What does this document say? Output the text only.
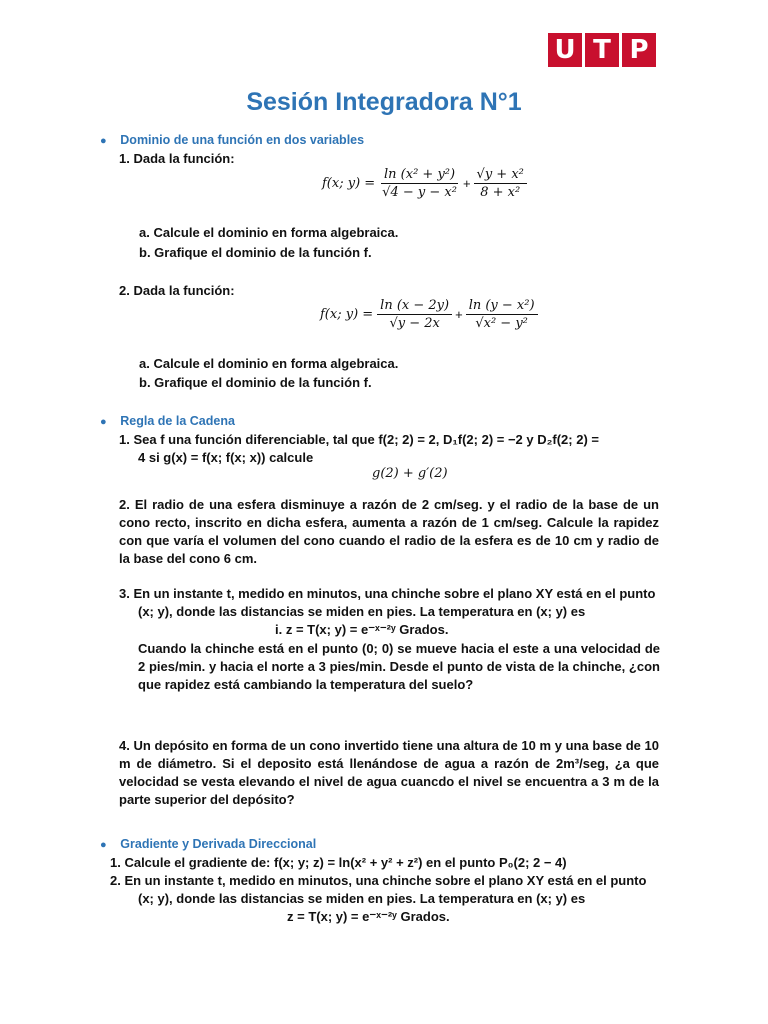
U T P
Sesión Integradora N°1
● Dominio de una función en dos variables
1. Dada la función:
f(x; $y) = \frac{\text{ln (x² + y²)}}{\text{√4 − y − x²}} + \frac{\text{√y + x²}}{\text{8 + x²}}$
a. Calcule el dominio en forma algebraica.
b. Grafique el dominio de la función f.
2. Dada la función:
f(x; $y) = \frac{\ln (x - 2y)}{√y - 2x} + \frac{\text{ln (y − x²)}}{\text{√x² − y²}}$
a. Calcule el dominio en forma algebraica.
b. Grafique el dominio de la función f.
● Regla de la Cadena
1. Sea f una función diferenciable, tal que f(2; 2) = 2, D₁f(2; 2) = −2 y D₂f(2; 2) =
4 si g(x) = f(x; f(x; x)) calcule
g(2) + g′(2)
2. El radio de una esfera disminuye a razón de 2 cm/seg. y el radio de la base de un cono recto, inscrito en dicha esfera, aumenta a razón de 1 cm/seg. Calcule la rapidez con que varía el volumen del cono cuando el radio de la esfera es de 10 cm y radio de la base del cono 6 cm.
3. En un instante t, medido en minutos, una chinche sobre el plano XY está en el punto
(x; y), donde las distancias se miden en pies. La temperatura en (x; y) es
i. z = T(x; y) = e⁻ˣ⁻²ʸ Grados.
Cuando la chinche está en el punto (0; 0) se mueve hacia el este a una velocidad de 2 pies/min. y hacia el norte a 3 pies/min. Desde el punto de vista de la chinche, ¿con que rapidez está cambiando la temperatura del suelo?
4. Un depósito en forma de un cono invertido tiene una altura de 10 m y una base de 10 m de diámetro. Si el deposito está llenándose de agua a razón de 2m³/seg, ¿a que velocidad se vesta elevando el nivel de agua cuancdo el nivel se encuentra a 3 m de la parte superior del depósito?
● Gradiente y Derivada Direccional
1. Calcule el gradiente de: f(x; y; z) = ln(x² + y² + z²) en el punto P₀(2; 2 − 4)
2. En un instante t, medido en minutos, una chinche sobre el plano XY está en el punto
(x; y), donde las distancias se miden en pies. La temperatura en (x; y) es
z = T(x; y) = e⁻ˣ⁻²ʸ Grados.
